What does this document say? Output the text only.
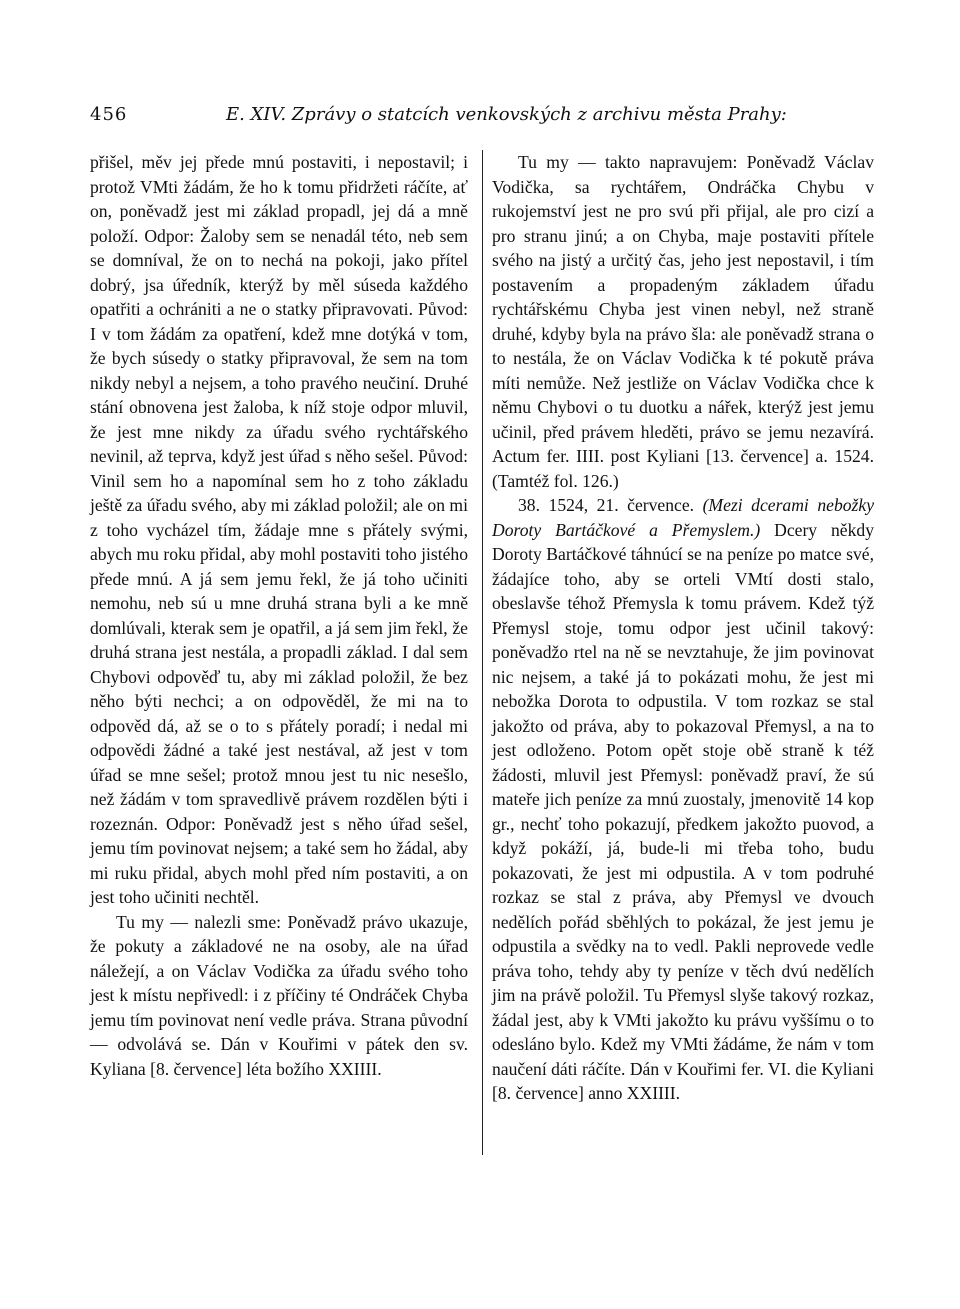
456	E. XIV. Zprávy o statcích venkovských z archivu města Prahy:

přišel, měv jej přede mnú postaviti, i nepostavil; i protož VMti žádám, že ho k tomu přidržeti ráčíte, ať on, poněvadž jest mi základ propadl, jej dá a mně položí. Odpor: Žaloby sem se nenadál této, neb sem se domníval, že on to nechá na pokoji, jako přítel dobrý, jsa úředník, kterýž by měl súseda každého opatřiti a ochrániti a ne o statky připravovati. Původ: I v tom žádám za opatření, kdež mne dotýká v tom, že bych súsedy o statky připravoval, že sem na tom nikdy nebyl a nejsem, a toho pravého neučiní. Druhé stání obnovena jest žaloba, k níž stoje odpor mluvil, že jest mne nikdy za úřadu svého rychtářského nevinil, až teprva, když jest úřad s něho sešel. Původ: Vinil sem ho a napomínal sem ho z toho základu ještě za úřadu svého, aby mi základ položil; ale on mi z toho vycházel tím, žádaje mne s přátely svými, abych mu roku přidal, aby mohl postaviti toho jistého přede mnú. A já sem jemu řekl, že já toho učiniti nemohu, neb sú u mne druhá strana byli a ke mně domlúvali, kterak sem je opatřil, a já sem jim řekl, že druhá strana jest nestála, a propadli základ. I dal sem Chybovi odpověď tu, aby mi základ položil, že bez něho býti nechci; a on odpověděl, že mi na to odpověd dá, až se o to s přátely poradí; i nedal mi odpovědi žádné a také jest nestával, až jest v tom úřad se mne sešel; protož mnou jest tu nic nesešlo, než žádám v tom spravedlivě právem rozdělen býti i rozeznán. Odpor: Poněvadž jest s něho úřad sešel, jemu tím povinovat nejsem; a také sem ho žádal, aby mi ruku přidal, abych mohl před ním postaviti, a on jest toho učiniti nechtěl.

Tu my — nalezli sme: Poněvadž právo ukazuje, že pokuty a základové ne na osoby, ale na úřad náležejí, a on Václav Vodička za úřadu svého toho jest k místu nepřivedl: i z příčiny té Ondráček Chyba jemu tím povinovat není vedle práva. Strana původní — odvolává se. Dán v Kouřimi v pátek den sv. Kyliana [8. července] léta božího XXIIII.

Tu my — takto napravujem: Poněvadž Václav Vodička, sa rychtářem, Ondráčka Chybu v rukojemství jest ne pro svú při přijal, ale pro cizí a pro stranu jinú; a on Chyba, maje postaviti přítele svého na jistý a určitý čas, jeho jest nepostavil, i tím postavením a propadeným základem úřadu rychtářskému Chyba jest vinen nebyl, než straně druhé, kdyby byla na právo šla: ale poněvadž strana o to nestála, že on Václav Vodička k té pokutě práva míti nemůže. Než jestliže on Václav Vodička chce k němu Chybovi o tu duotku a nářek, kterýž jest jemu učinil, před právem hleděti, právo se jemu nezavírá. Actum fer. IIII. post Kyliani [13. července] a. 1524. (Tamtéž fol. 126.)

38. 1524, 21. července. (Mezi dcerami nebožky Doroty Bartáčkové a Přemyslem.) Dcery někdy Doroty Bartáčkové táhnúcí se na peníze po matce své, žádajíce toho, aby se orteli VMtí dosti stalo, obeslavše téhož Přemysla k tomu právem. Kdež týž Přemysl stoje, tomu odpor jest učinil takový: poněvadžo rtel na ně se nevztahuje, že jim povinovat nic nejsem, a také já to pokázati mohu, že jest mi nebožka Dorota to odpustila. V tom rozkaz se stal jakožto od práva, aby to pokazoval Přemysl, a na to jest odloženo. Potom opět stoje obě straně k též žádosti, mluvil jest Přemysl: poněvadž praví, že sú mateře jich peníze za mnú zuostaly, jmenovitě 14 kop gr., nechť toho pokazují, předkem jakožto puovod, a když pokáží, já, bude-li mi třeba toho, budu pokazovati, že jest mi odpustila. A v tom podruhé rozkaz se stal z práva, aby Přemysl ve dvouch nedělích pořád sběhlých to pokázal, že jest jemu je odpustila a svědky na to vedl. Pakli neprovede vedle práva toho, tehdy aby ty peníze v těch dvú nedělích jim na právě položil. Tu Přemysl slyše takový rozkaz, žádal jest, aby k VMti jakožto ku právu vyššímu o to odesláno bylo. Kdež my VMti žádáme, že nám v tom naučení dáti ráčíte. Dán v Kouřimi fer. VI. die Kyliani [8. července] anno XXIIII.
